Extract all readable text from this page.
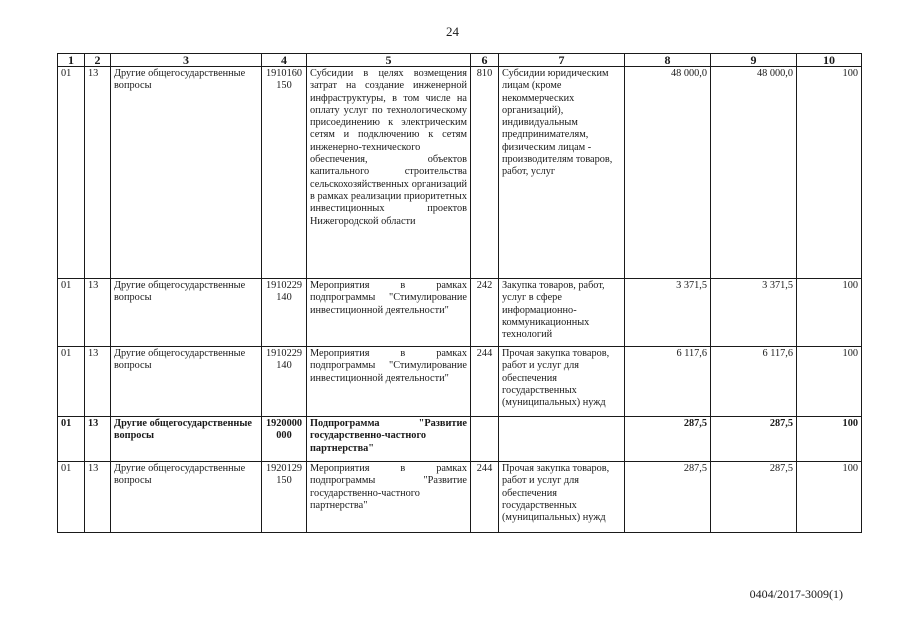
24
1	2	3	4	5	6	7	8	9	10
01	13	Другие общегосударственные вопросы	1910160 150	Субсидии в целях возмещения затрат на создание инженерной инфраструктуры, в том числе на оплату услуг по технологическому присоединению к электрическим сетям и подключению к сетям инженерно-технического обеспечения, объектов капитального строительства сельскохозяйственных организаций в рамках реализации приоритетных инвестиционных проектов Нижегородской области	810	Субсидии юридическим лицам (кроме некоммерческих организаций), индивидуальным предпринимателям, физическим лицам - производителям товаров, работ, услуг	48 000,0	48 000,0	100
01	13	Другие общегосударственные вопросы	1910229 140	Мероприятия в рамках подпрограммы "Стимулирование инвестиционной деятельности"	242	Закупка товаров, работ, услуг в сфере информационно-коммуникационных технологий	3 371,5	3 371,5	100
01	13	Другие общегосударственные вопросы	1910229 140	Мероприятия в рамках подпрограммы "Стимулирование инвестиционной деятельности"	244	Прочая закупка товаров, работ и услуг для обеспечения государственных (муниципальных) нужд	6 117,6	6 117,6	100
01	13	Другие общегосударственные вопросы	1920000 000	Подпрограмма "Развитие государственно-частного партнерства"			287,5	287,5	100
01	13	Другие общегосударственные вопросы	1920129 150	Мероприятия в рамках подпрограммы "Развитие государственно-частного партнерства"	244	Прочая закупка товаров, работ и услуг для обеспечения государственных (муниципальных) нужд	287,5	287,5	100
0404/2017-3009(1)
